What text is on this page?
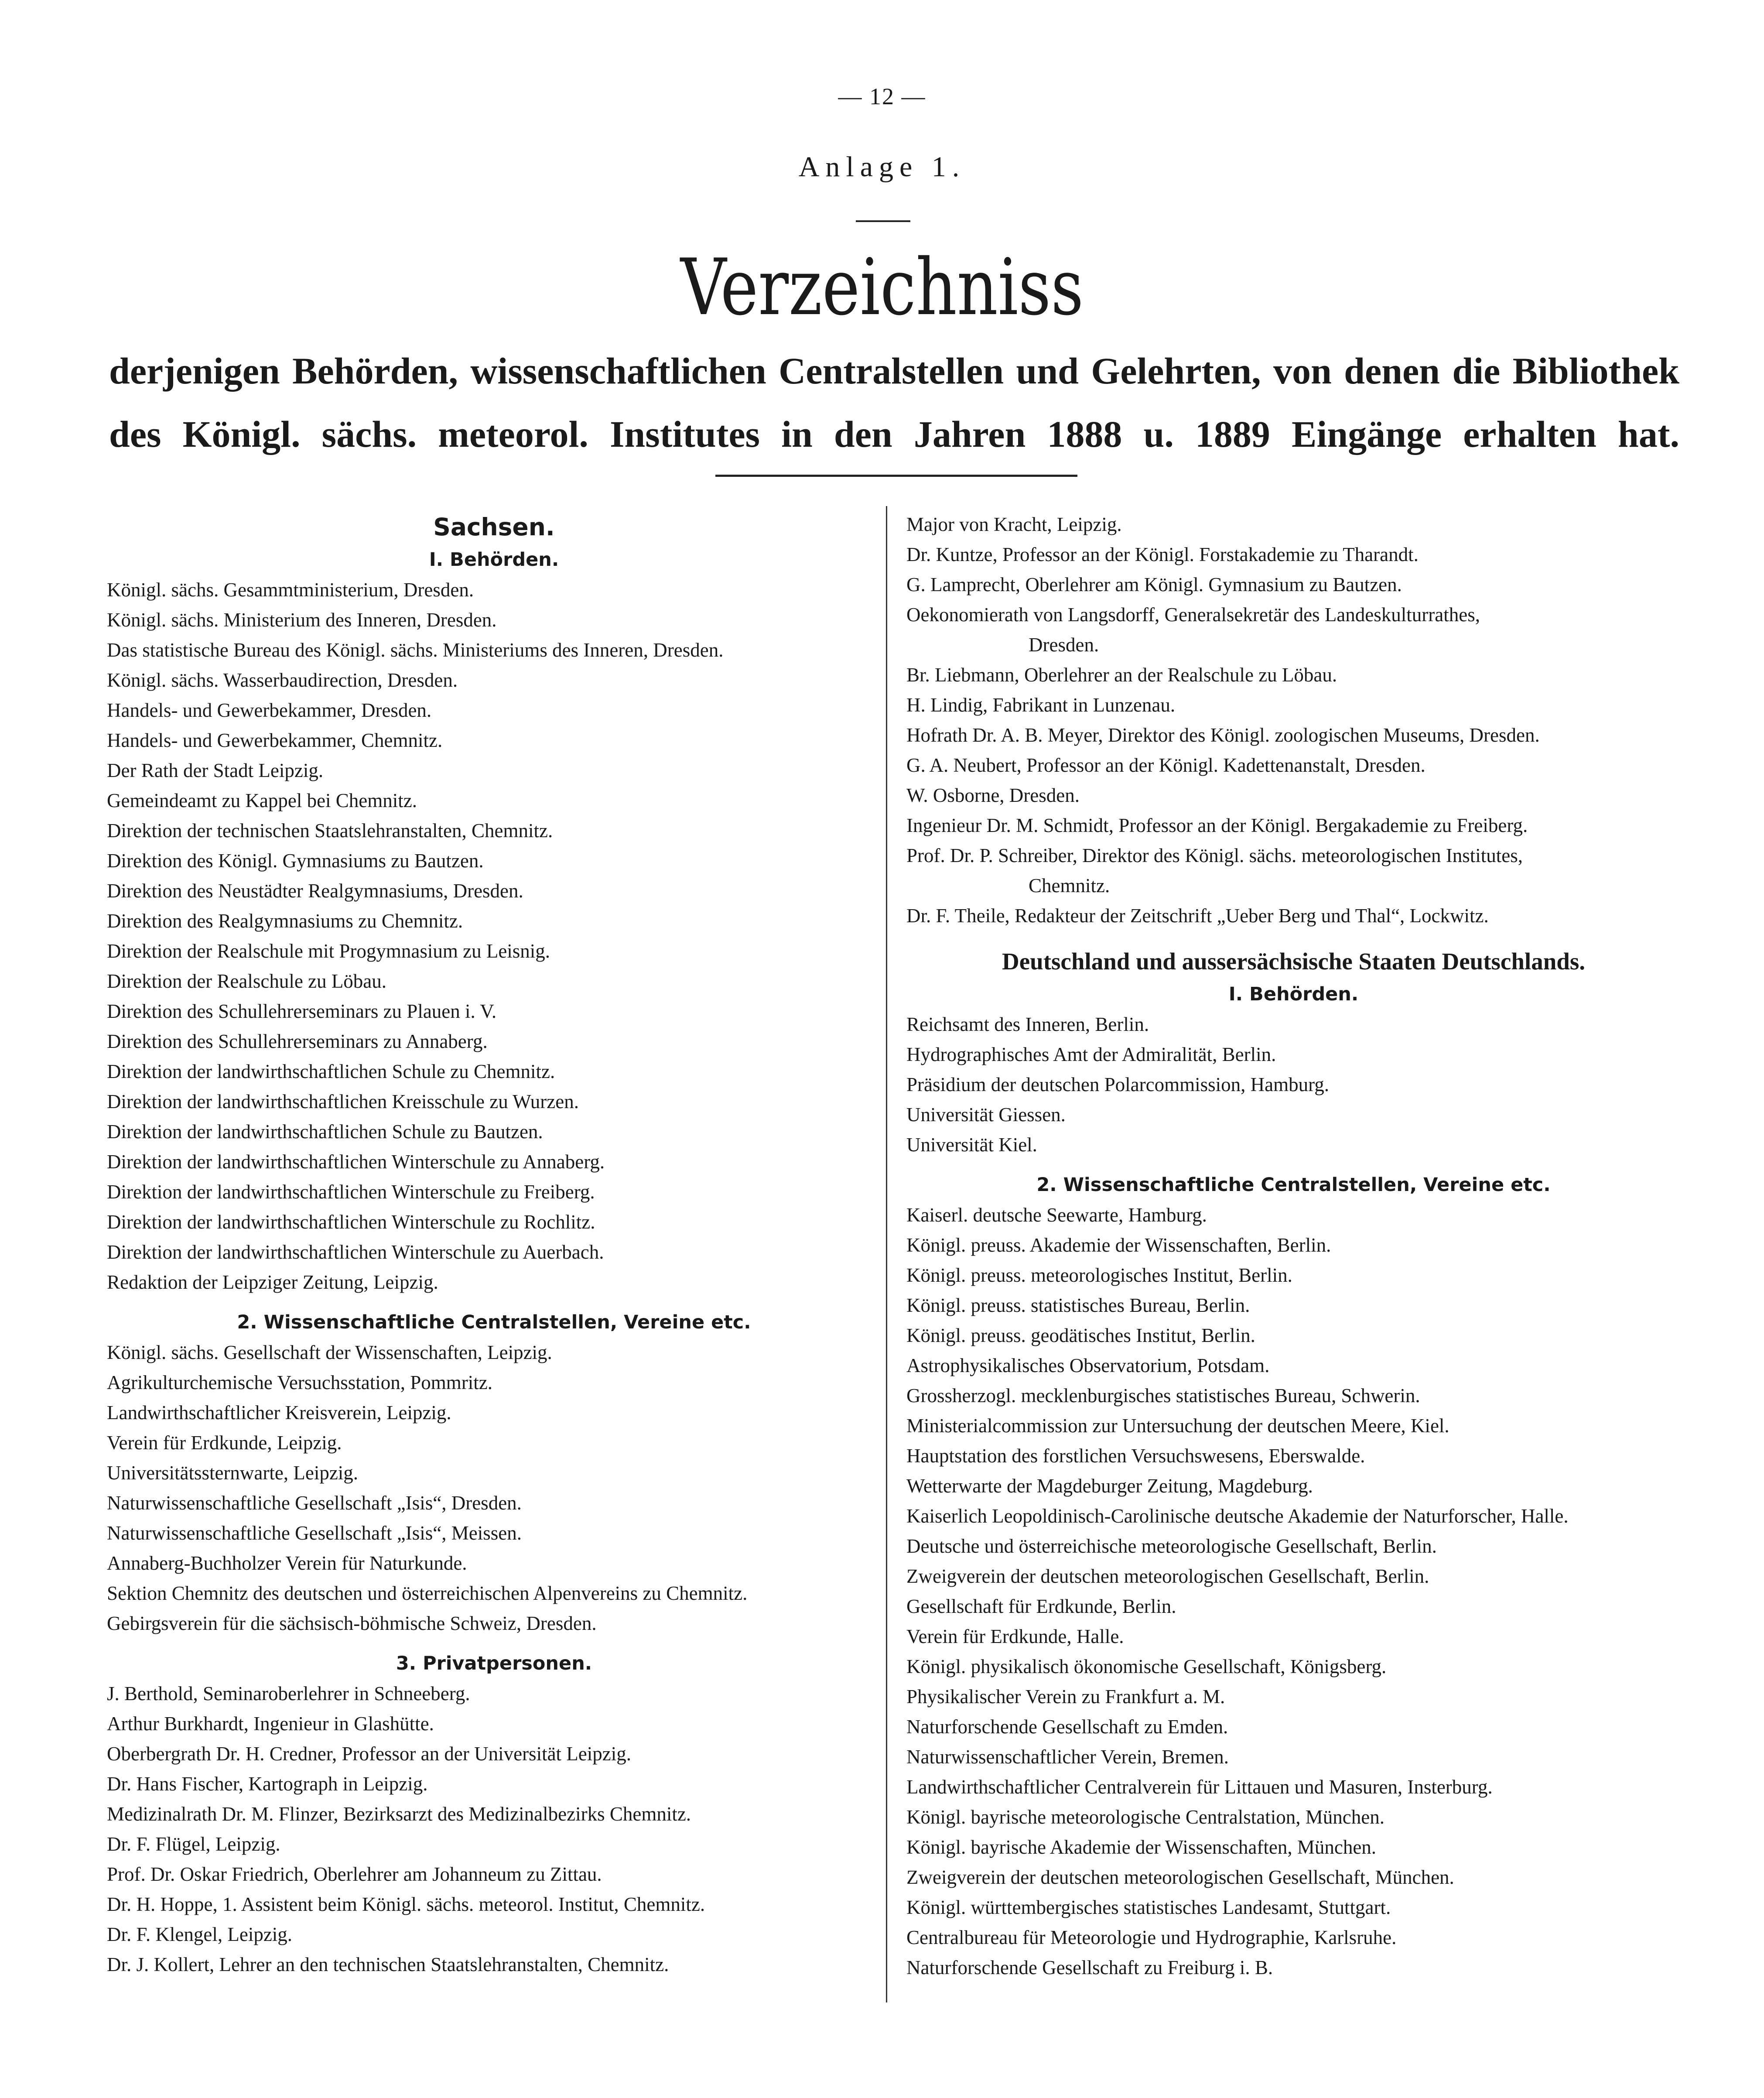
— 12 —
Anlage 1.
Verzeichniss
derjenigen Behörden, wissenschaftlichen Centralstellen und Gelehrten, von denen die Bibliothek des Königl. sächs. meteorol. Institutes in den Jahren 1888 u. 1889 Eingänge erhalten hat.
Sachsen.
I. Behörden.
Königl. sächs. Gesammtministerium, Dresden.
Königl. sächs. Ministerium des Inneren, Dresden.
Das statistische Bureau des Königl. sächs. Ministeriums des Inneren, Dresden.
Königl. sächs. Wasserbaudirection, Dresden.
Handels- und Gewerbekammer, Dresden.
Handels- und Gewerbekammer, Chemnitz.
Der Rath der Stadt Leipzig.
Gemeindeamt zu Kappel bei Chemnitz.
Direktion der technischen Staatslehranstalten, Chemnitz.
Direktion des Königl. Gymnasiums zu Bautzen.
Direktion des Neustädter Realgymnasiums, Dresden.
Direktion des Realgymnasiums zu Chemnitz.
Direktion der Realschule mit Progymnasium zu Leisnig.
Direktion der Realschule zu Löbau.
Direktion des Schullehrerseminars zu Plauen i. V.
Direktion des Schullehrerseminars zu Annaberg.
Direktion der landwirthschaftlichen Schule zu Chemnitz.
Direktion der landwirthschaftlichen Kreisschule zu Wurzen.
Direktion der landwirthschaftlichen Schule zu Bautzen.
Direktion der landwirthschaftlichen Winterschule zu Annaberg.
Direktion der landwirthschaftlichen Winterschule zu Freiberg.
Direktion der landwirthschaftlichen Winterschule zu Rochlitz.
Direktion der landwirthschaftlichen Winterschule zu Auerbach.
Redaktion der Leipziger Zeitung, Leipzig.
2. Wissenschaftliche Centralstellen, Vereine etc.
Königl. sächs. Gesellschaft der Wissenschaften, Leipzig.
Agrikulturchemische Versuchsstation, Pommritz.
Landwirthschaftlicher Kreisverein, Leipzig.
Verein für Erdkunde, Leipzig.
Universitätssternwarte, Leipzig.
Naturwissenschaftliche Gesellschaft „Isis“, Dresden.
Naturwissenschaftliche Gesellschaft „Isis“, Meissen.
Annaberg-Buchholzer Verein für Naturkunde.
Sektion Chemnitz des deutschen und österreichischen Alpenvereins zu Chemnitz.
Gebirgsverein für die sächsisch-böhmische Schweiz, Dresden.
3. Privatpersonen.
J. Berthold, Seminaroberlehrer in Schneeberg.
Arthur Burkhardt, Ingenieur in Glashütte.
Oberbergrath Dr. H. Credner, Professor an der Universität Leipzig.
Dr. Hans Fischer, Kartograph in Leipzig.
Medizinalrath Dr. M. Flinzer, Bezirksarzt des Medizinalbezirks Chemnitz.
Dr. F. Flügel, Leipzig.
Prof. Dr. Oskar Friedrich, Oberlehrer am Johanneum zu Zittau.
Dr. H. Hoppe, 1. Assistent beim Königl. sächs. meteorol. Institut, Chemnitz.
Dr. F. Klengel, Leipzig.
Dr. J. Kollert, Lehrer an den technischen Staatslehranstalten, Chemnitz.
Major von Kracht, Leipzig.
Dr. Kuntze, Professor an der Königl. Forstakademie zu Tharandt.
G. Lamprecht, Oberlehrer am Königl. Gymnasium zu Bautzen.
Oekonomierath von Langsdorff, Generalsekretär des Landeskulturrathes,
Dresden.
Br. Liebmann, Oberlehrer an der Realschule zu Löbau.
H. Lindig, Fabrikant in Lunzenau.
Hofrath Dr. A. B. Meyer, Direktor des Königl. zoologischen Museums, Dresden.
G. A. Neubert, Professor an der Königl. Kadettenanstalt, Dresden.
W. Osborne, Dresden.
Ingenieur Dr. M. Schmidt, Professor an der Königl. Bergakademie zu Freiberg.
Prof. Dr. P. Schreiber, Direktor des Königl. sächs. meteorologischen Institutes,
Chemnitz.
Dr. F. Theile, Redakteur der Zeitschrift „Ueber Berg und Thal“, Lockwitz.
Deutschland und aussersächsische Staaten Deutschlands.
I. Behörden.
Reichsamt des Inneren, Berlin.
Hydrographisches Amt der Admiralität, Berlin.
Präsidium der deutschen Polarcommission, Hamburg.
Universität Giessen.
Universität Kiel.
2. Wissenschaftliche Centralstellen, Vereine etc.
Kaiserl. deutsche Seewarte, Hamburg.
Königl. preuss. Akademie der Wissenschaften, Berlin.
Königl. preuss. meteorologisches Institut, Berlin.
Königl. preuss. statistisches Bureau, Berlin.
Königl. preuss. geodätisches Institut, Berlin.
Astrophysikalisches Observatorium, Potsdam.
Grossherzogl. mecklenburgisches statistisches Bureau, Schwerin.
Ministerialcommission zur Untersuchung der deutschen Meere, Kiel.
Hauptstation des forstlichen Versuchswesens, Eberswalde.
Wetterwarte der Magdeburger Zeitung, Magdeburg.
Kaiserlich Leopoldinisch-Carolinische deutsche Akademie der Naturforscher, Halle.
Deutsche und österreichische meteorologische Gesellschaft, Berlin.
Zweigverein der deutschen meteorologischen Gesellschaft, Berlin.
Gesellschaft für Erdkunde, Berlin.
Verein für Erdkunde, Halle.
Königl. physikalisch ökonomische Gesellschaft, Königsberg.
Physikalischer Verein zu Frankfurt a. M.
Naturforschende Gesellschaft zu Emden.
Naturwissenschaftlicher Verein, Bremen.
Landwirthschaftlicher Centralverein für Littauen und Masuren, Insterburg.
Königl. bayrische meteorologische Centralstation, München.
Königl. bayrische Akademie der Wissenschaften, München.
Zweigverein der deutschen meteorologischen Gesellschaft, München.
Königl. württembergisches statistisches Landesamt, Stuttgart.
Centralbureau für Meteorologie und Hydrographie, Karlsruhe.
Naturforschende Gesellschaft zu Freiburg i. B.
